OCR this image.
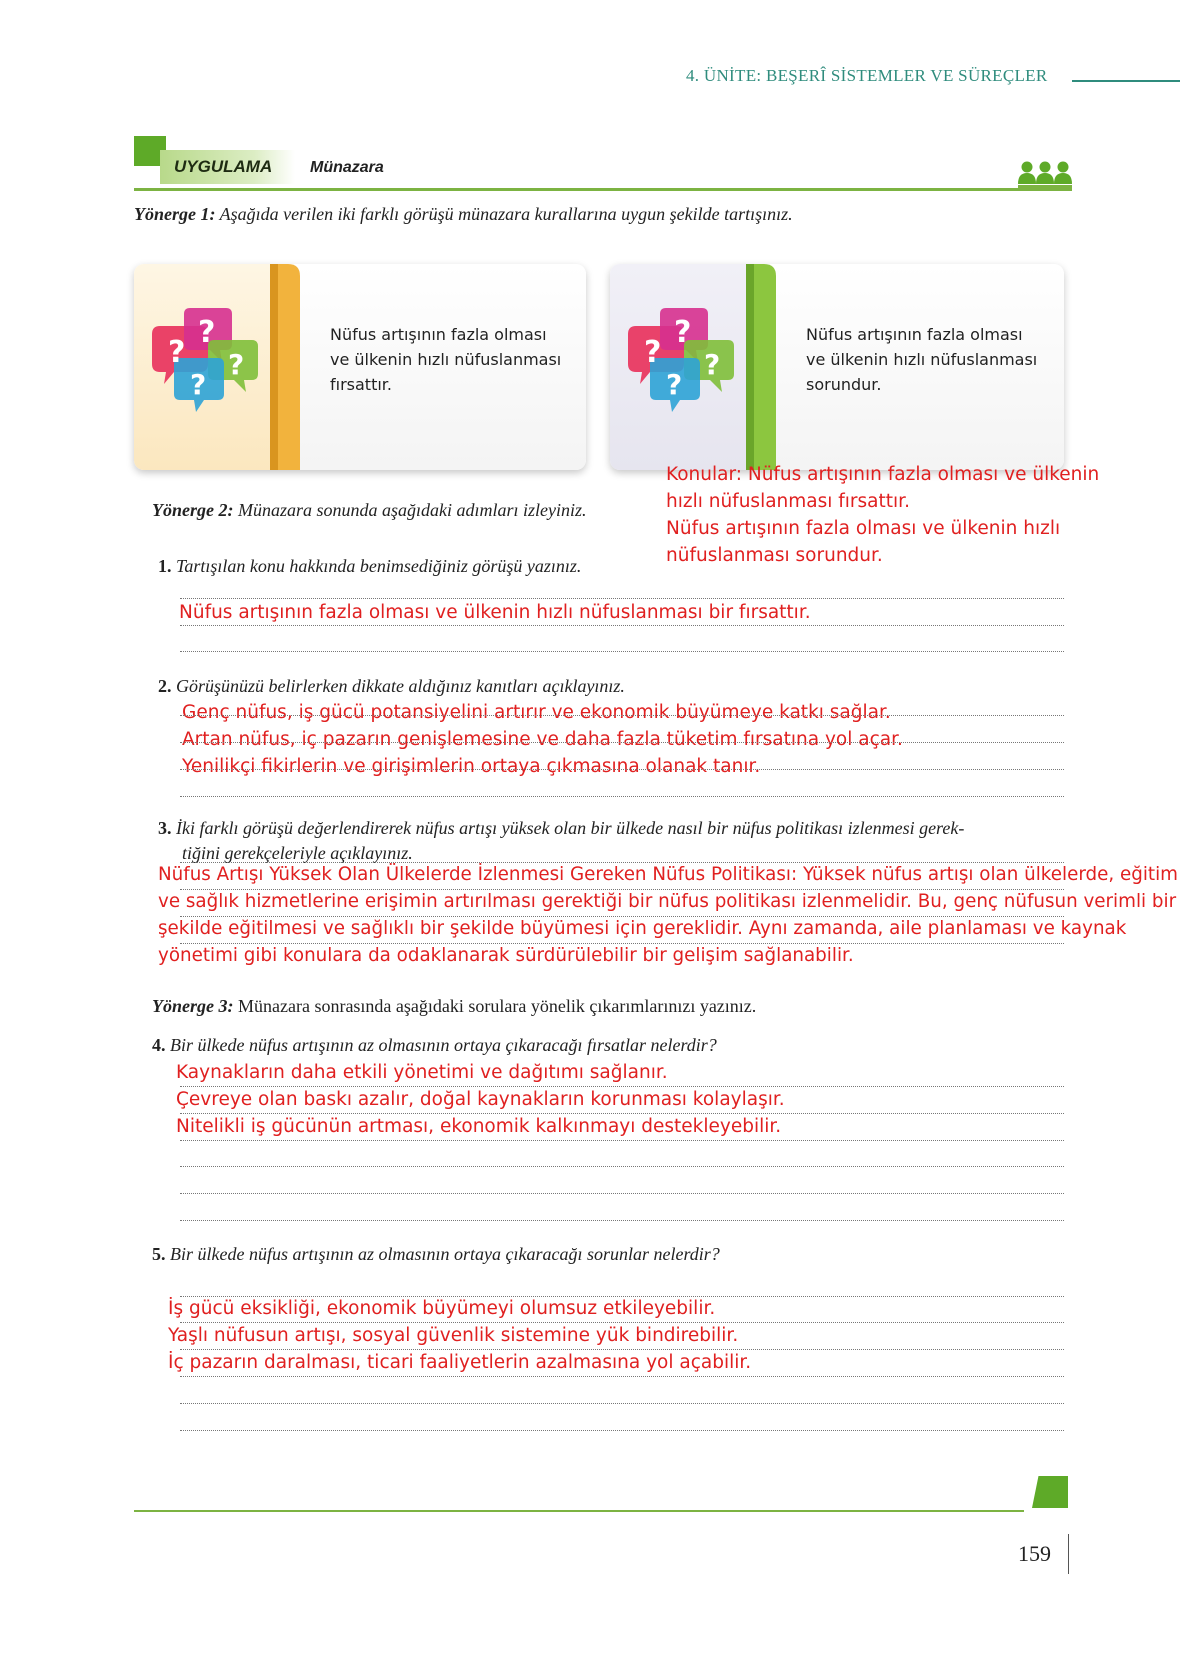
4. ÜNİTE: BEŞERÎ SİSTEMLER VE SÜREÇLER
UYGULAMA	Münazara
Yönerge 1: Aşağıda verilen iki farklı görüşü münazara kurallarına uygun şekilde tartışınız.
?
?
?
?
Nüfus artışının fazla olması ve ülkenin hızlı nüfuslanması fırsattır.
?
?
?
?
Nüfus artışının fazla olması ve ülkenin hızlı nüfuslanması sorundur.
Konular: Nüfus artışının fazla olması ve ülkenin
hızlı nüfuslanması fırsattır.
Nüfus artışının fazla olması ve ülkenin hızlı
nüfuslanması sorundur.
Yönerge 2: Münazara sonunda aşağıdaki adımları izleyiniz.
1. Tartışılan konu hakkında benimsediğiniz görüşü yazınız.
Nüfus artışının fazla olması ve ülkenin hızlı nüfuslanması bir fırsattır.
2. Görüşünüzü belirlerken dikkate aldığınız kanıtları açıklayınız.
Genç nüfus, iş gücü potansiyelini artırır ve ekonomik büyümeye katkı sağlar.
Artan nüfus, iç pazarın genişlemesine ve daha fazla tüketim fırsatına yol açar.
Yenilikçi fikirlerin ve girişimlerin ortaya çıkmasına olanak tanır.
3. İki farklı görüşü değerlendirerek nüfus artışı yüksek olan bir ülkede nasıl bir nüfus politikası izlenmesi gerek-
tiğini gerekçeleriyle açıklayınız.
Nüfus Artışı Yüksek Olan Ülkelerde İzlenmesi Gereken Nüfus Politikası: Yüksek nüfus artışı olan ülkelerde, eğitim
ve sağlık hizmetlerine erişimin artırılması gerektiği bir nüfus politikası izlenmelidir. Bu, genç nüfusun verimli bir
şekilde eğitilmesi ve sağlıklı bir şekilde büyümesi için gereklidir. Aynı zamanda, aile planlaması ve kaynak
yönetimi gibi konulara da odaklanarak sürdürülebilir bir gelişim sağlanabilir.
Yönerge 3: Münazara sonrasında aşağıdaki sorulara yönelik çıkarımlarınızı yazınız.
4. Bir ülkede nüfus artışının az olmasının ortaya çıkaracağı fırsatlar nelerdir?
Kaynakların daha etkili yönetimi ve dağıtımı sağlanır.
Çevreye olan baskı azalır, doğal kaynakların korunması kolaylaşır.
Nitelikli iş gücünün artması, ekonomik kalkınmayı destekleyebilir.
5. Bir ülkede nüfus artışının az olmasının ortaya çıkaracağı sorunlar nelerdir?
İş gücü eksikliği, ekonomik büyümeyi olumsuz etkileyebilir.
Yaşlı nüfusun artışı, sosyal güvenlik sistemine yük bindirebilir.
İç pazarın daralması, ticari faaliyetlerin azalmasına yol açabilir.
159
